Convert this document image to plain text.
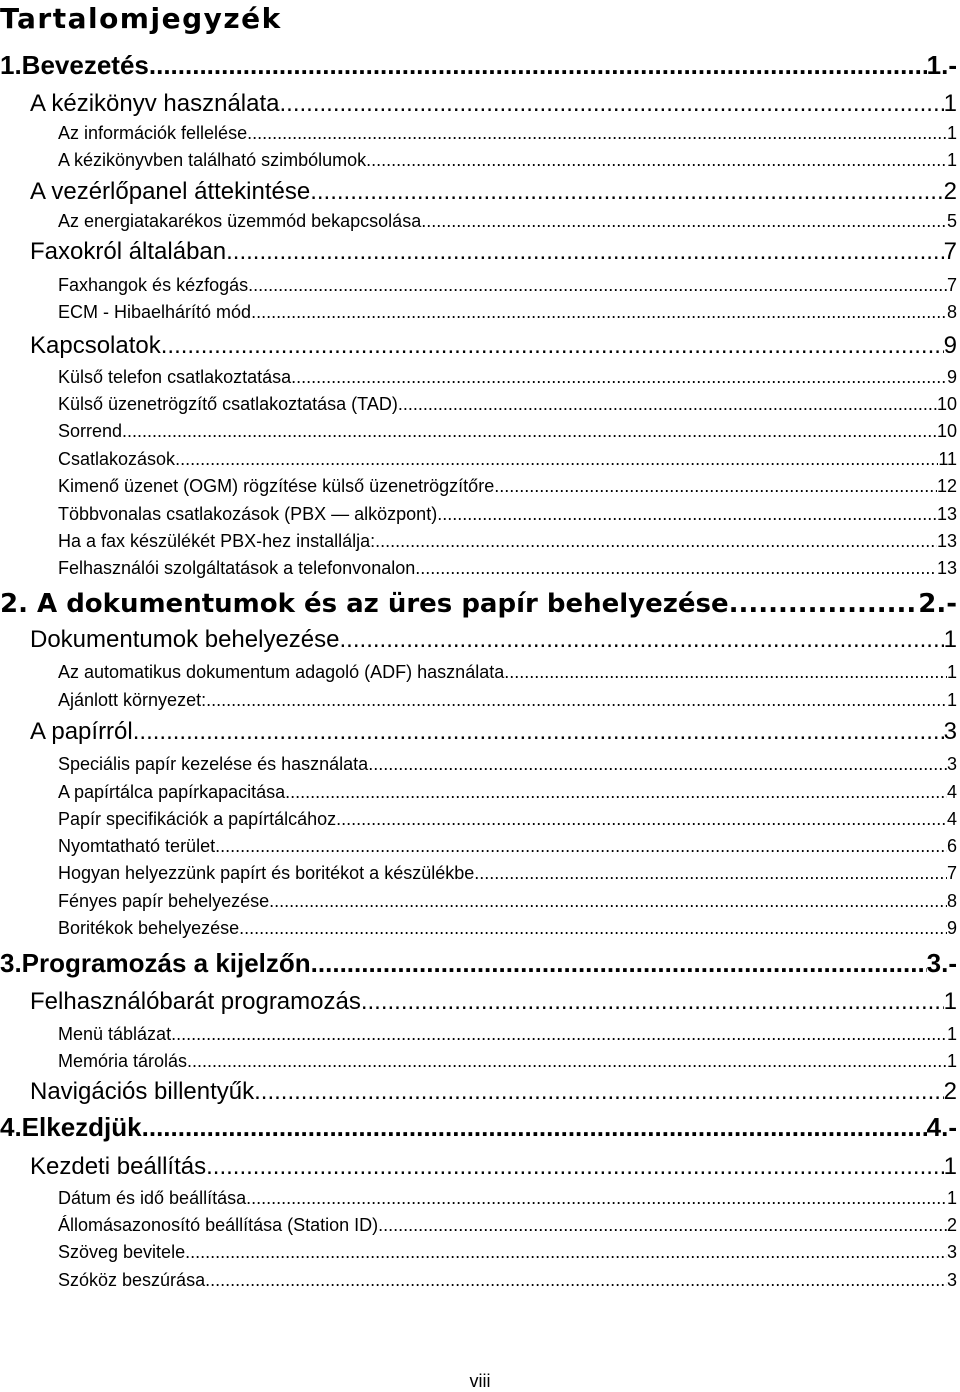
Tartalomjegyzék
1.Bevezetés .....	1.-
A kézikönyv használata .....	1
Az információk fellelése .....	1
A kézikönyvben található szimbólumok .....	1
A vezérlőpanel áttekintése .....	2
Az energiatakarékos üzemmód bekapcsolása .....	5
Faxokról általában .....	7
Faxhangok és kézfogás .....	7
ECM - Hibaelhárító mód .....	8
Kapcsolatok .....	9
Külső telefon csatlakoztatása .....	9
Külső üzenetrögzítő csatlakoztatása (TAD) .....	10
Sorrend .....	10
Csatlakozások .....	11
Kimenő üzenet (OGM) rögzítése külső üzenetrögzítőre .....	12
Többvonalas csatlakozások (PBX — alközpont) .....	13
Ha a fax készülékét PBX-hez installálja: .....	13
Felhasználói szolgáltatások a telefonvonalon .....	13
2. A dokumentumok és az üres papír behelyezése .....	2.-
Dokumentumok behelyezése .....	1
Az automatikus dokumentum adagoló (ADF) használata .....	1
Ajánlott környezet: .....	1
A papírról .....	3
Speciális papír kezelése és használata .....	3
A papírtálca papírkapacitása .....	4
Papír specifikációk a papírtálcához .....	4
Nyomtatható terület .....	6
Hogyan helyezzünk papírt és boritékot a készülékbe .....	7
Fényes papír behelyezése .....	8
Boritékok behelyezése .....	9
3.Programozás a kijelzőn .....	3.-
Felhasználóbarát programozás .....	1
Menü táblázat .....	1
Memória tárolás .....	1
Navigációs billentyűk .....	2
4.Elkezdjük .....	4.-
Kezdeti beállítás .....	1
Dátum és idő beállítása .....	1
Állomásazonosító beállítása (Station ID) .....	2
Szöveg bevitele .....	3
Szóköz beszúrása .....	3
viii
